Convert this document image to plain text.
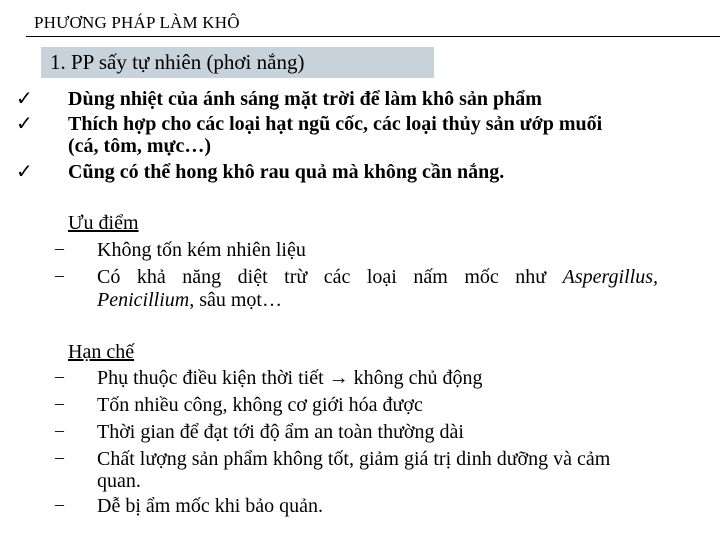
PHƯƠNG PHÁP LÀM KHÔ
1. PP sấy tự nhiên (phơi nắng)
✓ Dùng nhiệt của ánh sáng mặt trời để làm khô sản phẩm
✓ Thích hợp cho các loại hạt ngũ cốc, các loại thủy sản ướp muối
(cá, tôm, mực…)
✓ Cũng có thể hong khô rau quả mà không cần nắng.
Ưu điểm
– Không tốn kém nhiên liệu
– Có khả năng diệt trừ các loại nấm mốc như Aspergillus,
Penicillium, sâu mọt…
Hạn chế
– Phụ thuộc điều kiện thời tiết → không chủ động
– Tốn nhiều công, không cơ giới hóa được
– Thời gian để đạt tới độ ẩm an toàn thường dài
– Chất lượng sản phẩm không tốt, giảm giá trị dinh dưỡng và cảm
quan.
– Dễ bị ẩm mốc khi bảo quản.
